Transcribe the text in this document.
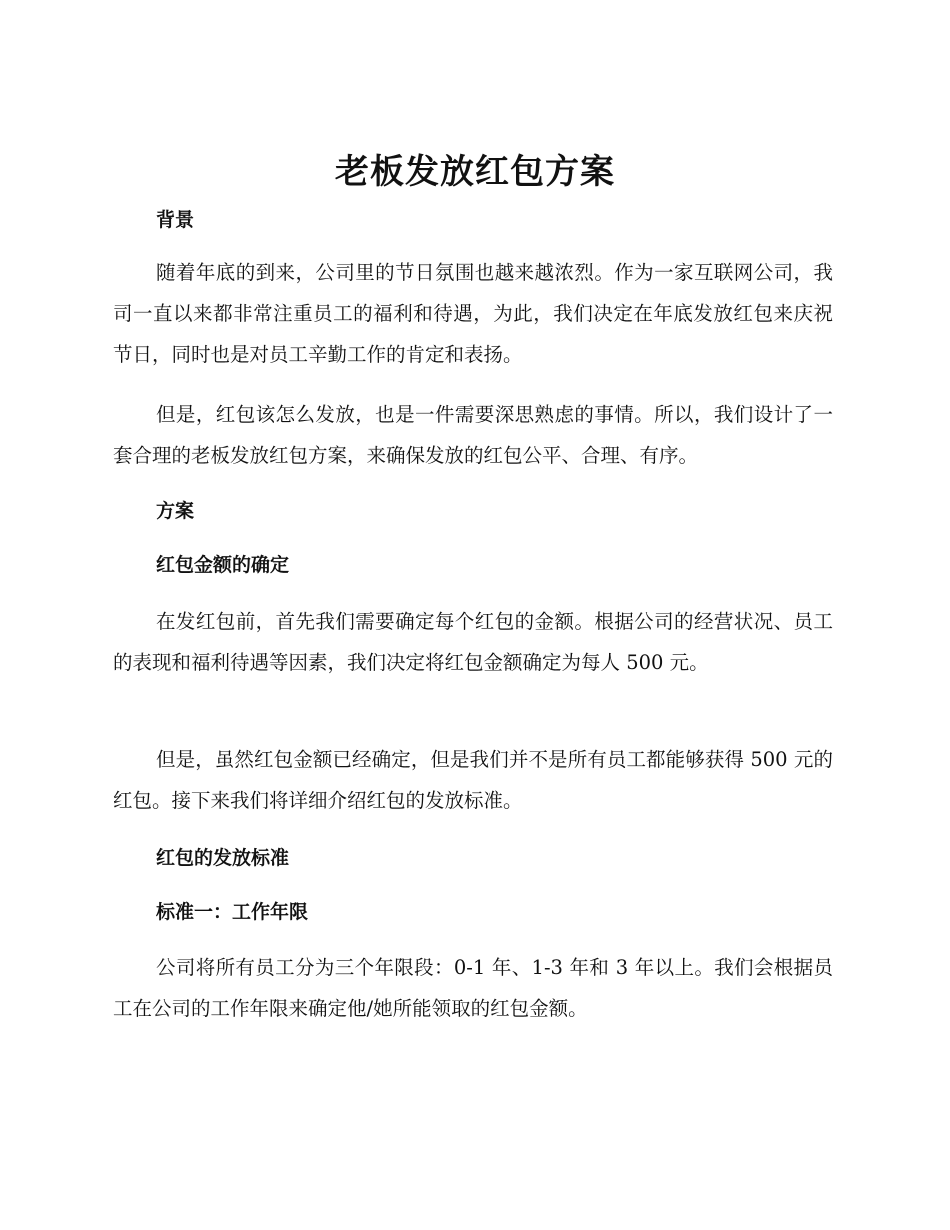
老板发放红包方案
背景

随着年底的到来，公司里的节日氛围也越来越浓烈。作为一家互联网公司，我司一直以来都非常注重员工的福利和待遇，为此，我们决定在年底发放红包来庆祝节日，同时也是对员工辛勤工作的肯定和表扬。

但是，红包该怎么发放，也是一件需要深思熟虑的事情。所以，我们设计了一套合理的老板发放红包方案，来确保发放的红包公平、合理、有序。

方案
红包金额的确定

在发红包前，首先我们需要确定每个红包的金额。根据公司的经营状况、员工的表现和福利待遇等因素，我们决定将红包金额确定为每人 500 元。

但是，虽然红包金额已经确定，但是我们并不是所有员工都能够获得 500 元的红包。接下来我们将详细介绍红包的发放标准。

红包的发放标准
标准一：工作年限

公司将所有员工分为三个年限段：0-1 年、1-3 年和 3 年以上。我们会根据员工在公司的工作年限来确定他/她所能领取的红包金额。
